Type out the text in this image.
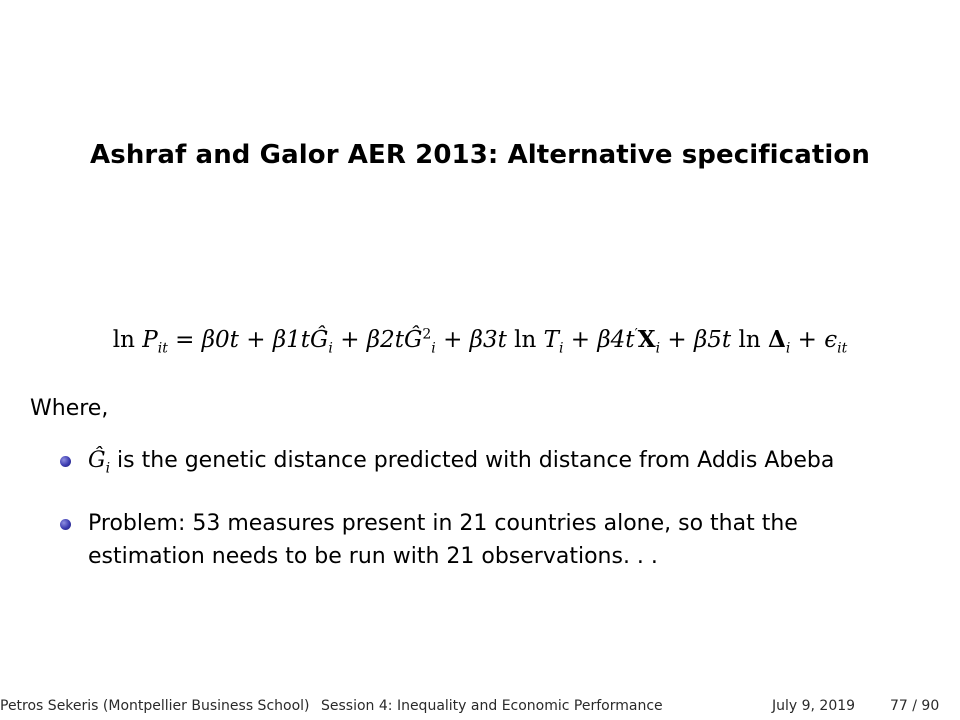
Ashraf and Galor AER 2013: Alternative specification
$\ln P_{it} = \beta 0t$ + $\beta 1tĜ_i$ + $\beta 2tĜ^2_i + \beta 3t$ $\ln T_i + \beta 4t'X_i + \beta 5t$ $\ln \Delta_i + \epsilon_{it}$
Where,
$Ĝ_i$ is the genetic distance predicted with distance from Addis Abeba
Problem: 53 measures present in 21 countries alone, so that the estimation needs to be run with 21 observations. . .
Petros Sekeris (Montpellier Business School) Session 4: Inequality and Economic Performance	July 9, 2019 77 / 90
